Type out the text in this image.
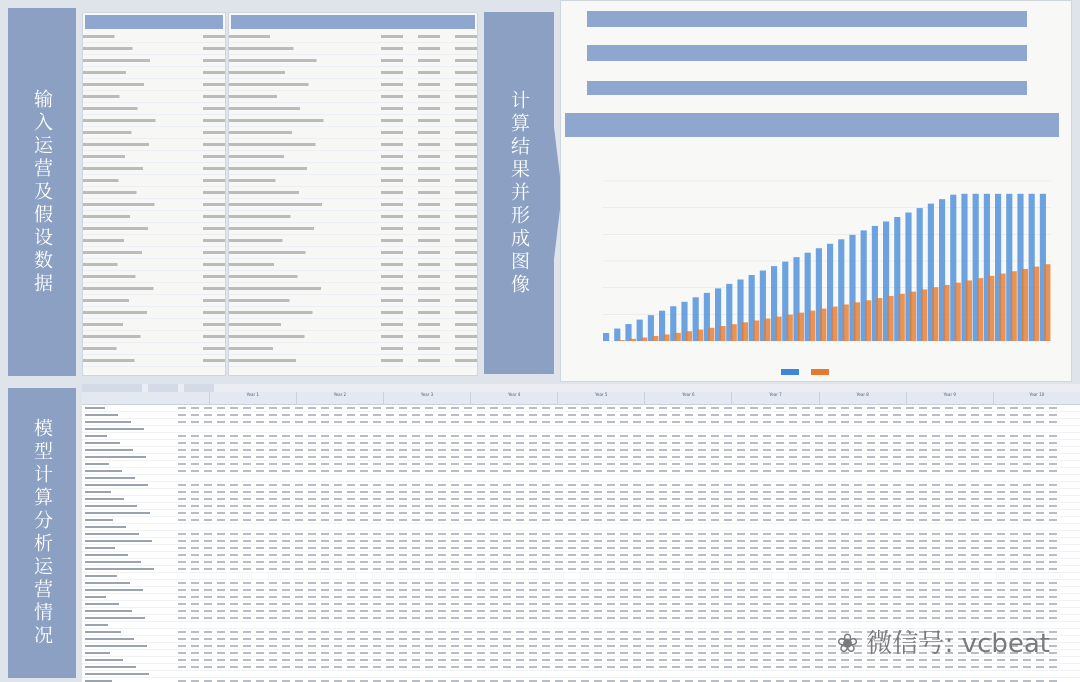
输入运营及假设数据
模型计算分析运营情况
计算结果并形成图像
Year 1	Year 2	Year 3	Year 4	Year 5	Year 6	Year 7	Year 8	Year 9	Year 10
❀ 微信号: vcbeat
